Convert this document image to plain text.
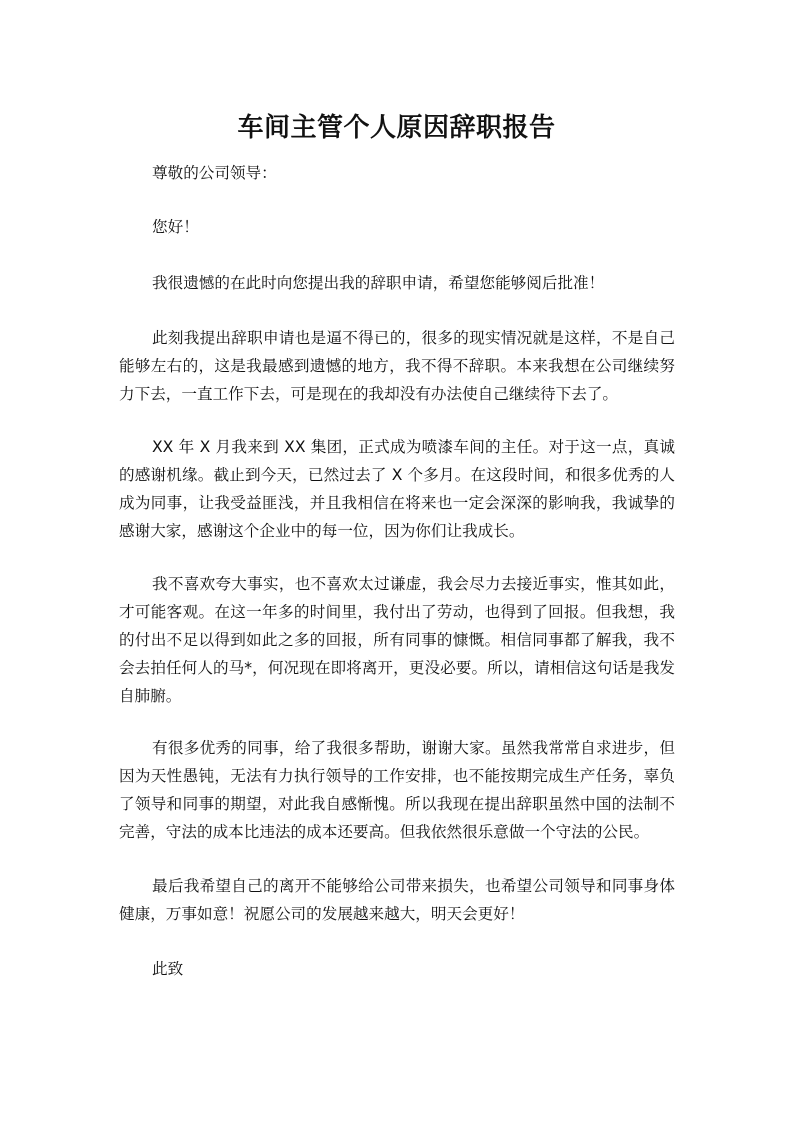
车间主管个人原因辞职报告

尊敬的公司领导：

您好！

我很遗憾的在此时向您提出我的辞职申请，希望您能够阅后批准！

此刻我提出辞职申请也是逼不得已的，很多的现实情况就是这样，不是自己能够左右的，这是我最感到遗憾的地方，我不得不辞职。本来我想在公司继续努力下去，一直工作下去，可是现在的我却没有办法使自己继续待下去了。

XX 年 X 月我来到 XX 集团，正式成为喷漆车间的主任。对于这一点，真诚的感谢机缘。截止到今天，已然过去了 X 个多月。在这段时间，和很多优秀的人成为同事，让我受益匪浅，并且我相信在将来也一定会深深的影响我，我诚挚的感谢大家，感谢这个企业中的每一位，因为你们让我成长。

我不喜欢夸大事实，也不喜欢太过谦虚，我会尽力去接近事实，惟其如此，才可能客观。在这一年多的时间里，我付出了劳动，也得到了回报。但我想，我的付出不足以得到如此之多的回报，所有同事的慷慨。相信同事都了解我，我不会去拍任何人的马*，何况现在即将离开，更没必要。所以，请相信这句话是我发自肺腑。

有很多优秀的同事，给了我很多帮助，谢谢大家。虽然我常常自求进步，但因为天性愚钝，无法有力执行领导的工作安排，也不能按期完成生产任务，辜负了领导和同事的期望，对此我自感惭愧。所以我现在提出辞职虽然中国的法制不完善，守法的成本比违法的成本还要高。但我依然很乐意做一个守法的公民。

最后我希望自己的离开不能够给公司带来损失，也希望公司领导和同事身体健康，万事如意！祝愿公司的发展越来越大，明天会更好！

此致
